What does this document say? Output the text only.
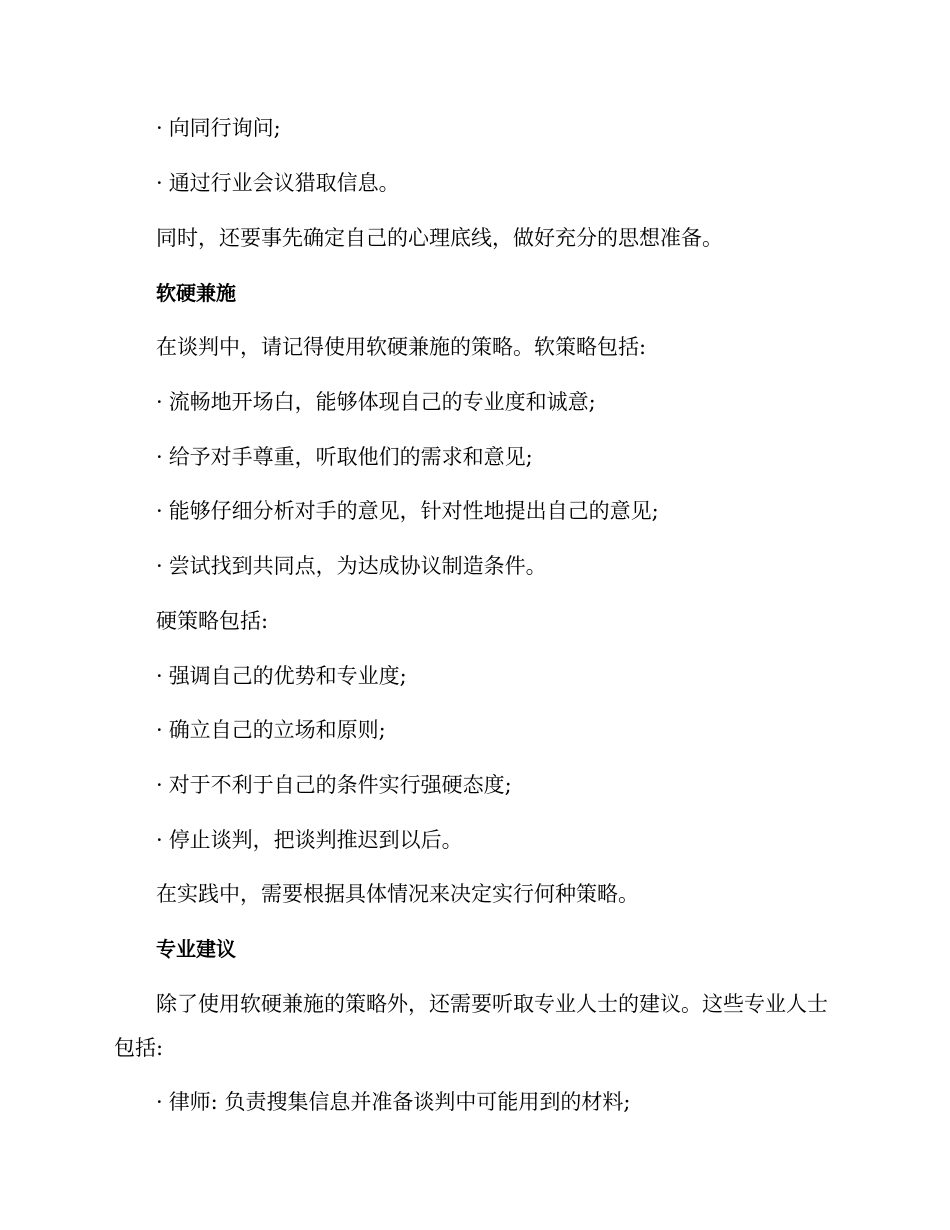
· 向同行询问;
· 通过行业会议猎取信息。
同时，还要事先确定自己的心理底线，做好充分的思想准备。
软硬兼施
在谈判中，请记得使用软硬兼施的策略。软策略包括:
· 流畅地开场白，能够体现自己的专业度和诚意;
· 给予对手尊重，听取他们的需求和意见;
· 能够仔细分析对手的意见，针对性地提出自己的意见;
· 尝试找到共同点，为达成协议制造条件。
硬策略包括:
· 强调自己的优势和专业度;
· 确立自己的立场和原则;
· 对于不利于自己的条件实行强硬态度;
· 停止谈判，把谈判推迟到以后。
在实践中，需要根据具体情况来决定实行何种策略。
专业建议
除了使用软硬兼施的策略外，还需要听取专业人士的建议。这些专业人士包括:
· 律师: 负责搜集信息并准备谈判中可能用到的材料;
